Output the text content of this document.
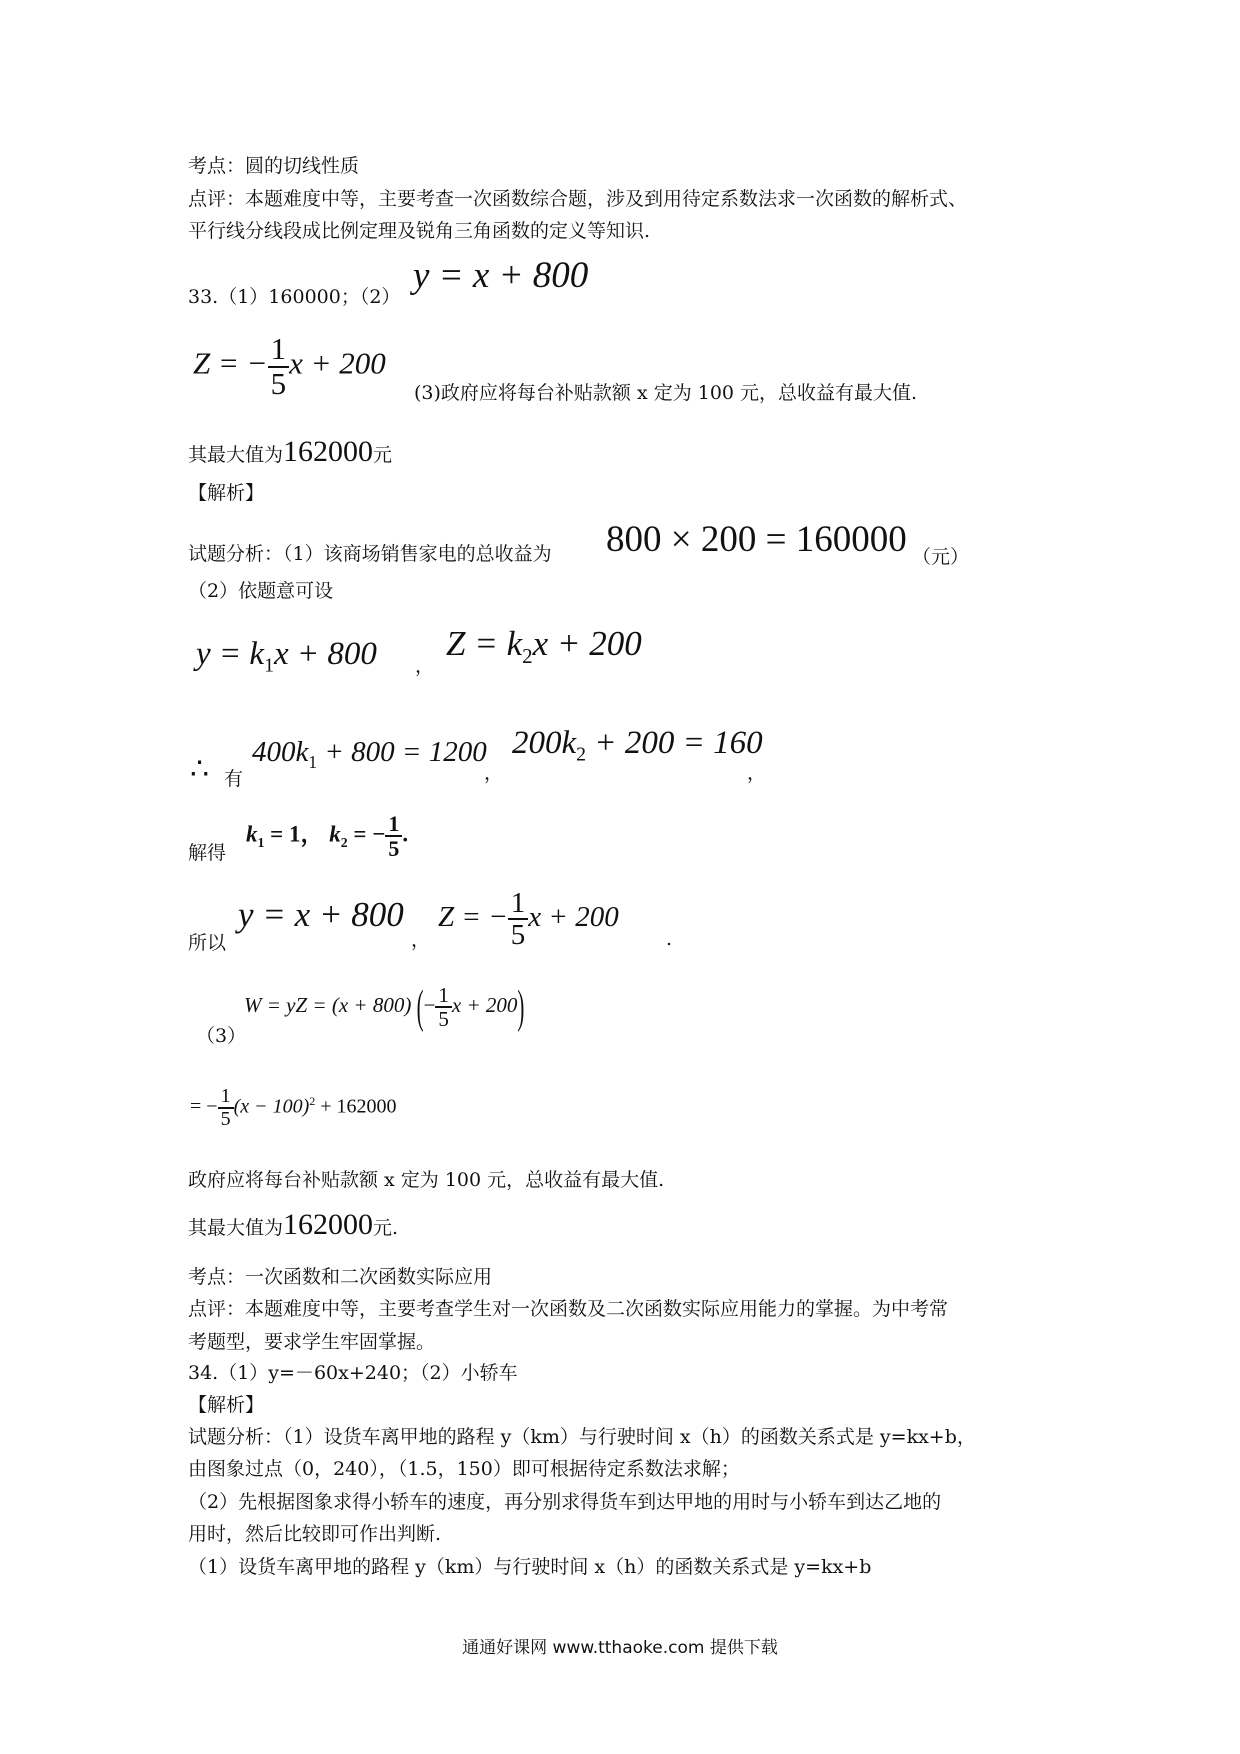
考点：圆的切线性质
点评：本题难度中等，主要考查一次函数综合题，涉及到用待定系数法求一次函数的解析式、
平行线分线段成比例定理及锐角三角函数的定义等知识.
33.（1）160000；（2）
y = x + 800
Z = − $\frac{1}{5}$ x + 200
(3)政府应将每台补贴款额 x 定为 100 元，总收益有最大值.
其最大值为162000元
【解析】
试题分析：（1）该商场销售家电的总收益为 800 × 200 = 160000 （元）
（2）依题意可设
$y = k_1x + 800$ ，
$Z = k_2x + 200$
∴ 有
$400k_1 + 800 = 1200$
，
$200k_2 + 200 = 160$
，
解得
$k_1 = 1$， $k_2$ = − $\frac{1}{5}$ .
所以
y = x + 800
，
Z = − $\frac{1}{5}$ x + 200
.
（3）
W = yZ = (x + 800) (− $\frac{1}{5}$ x + 200)
= − $\frac{1}{5} (x - 100)^2 + 162000$
政府应将每台补贴款额 x 定为 100 元，总收益有最大值.
其最大值为162000元.
考点：一次函数和二次函数实际应用
点评：本题难度中等，主要考查学生对一次函数及二次函数实际应用能力的掌握。为中考常
考题型，要求学生牢固掌握。
34.（1）y=－60x+240；（2）小轿车
【解析】
试题分析：（1）设货车离甲地的路程 y（km）与行驶时间 x（h）的函数关系式是 y=kx+b，
由图象过点（0，240），（1.5，150）即可根据待定系数法求解；
（2）先根据图象求得小轿车的速度，再分别求得货车到达甲地的用时与小轿车到达乙地的
用时，然后比较即可作出判断.
（1）设货车离甲地的路程 y（km）与行驶时间 x（h）的函数关系式是 y=kx+b
通通好课网 www.tthaoke.com 提供下载
